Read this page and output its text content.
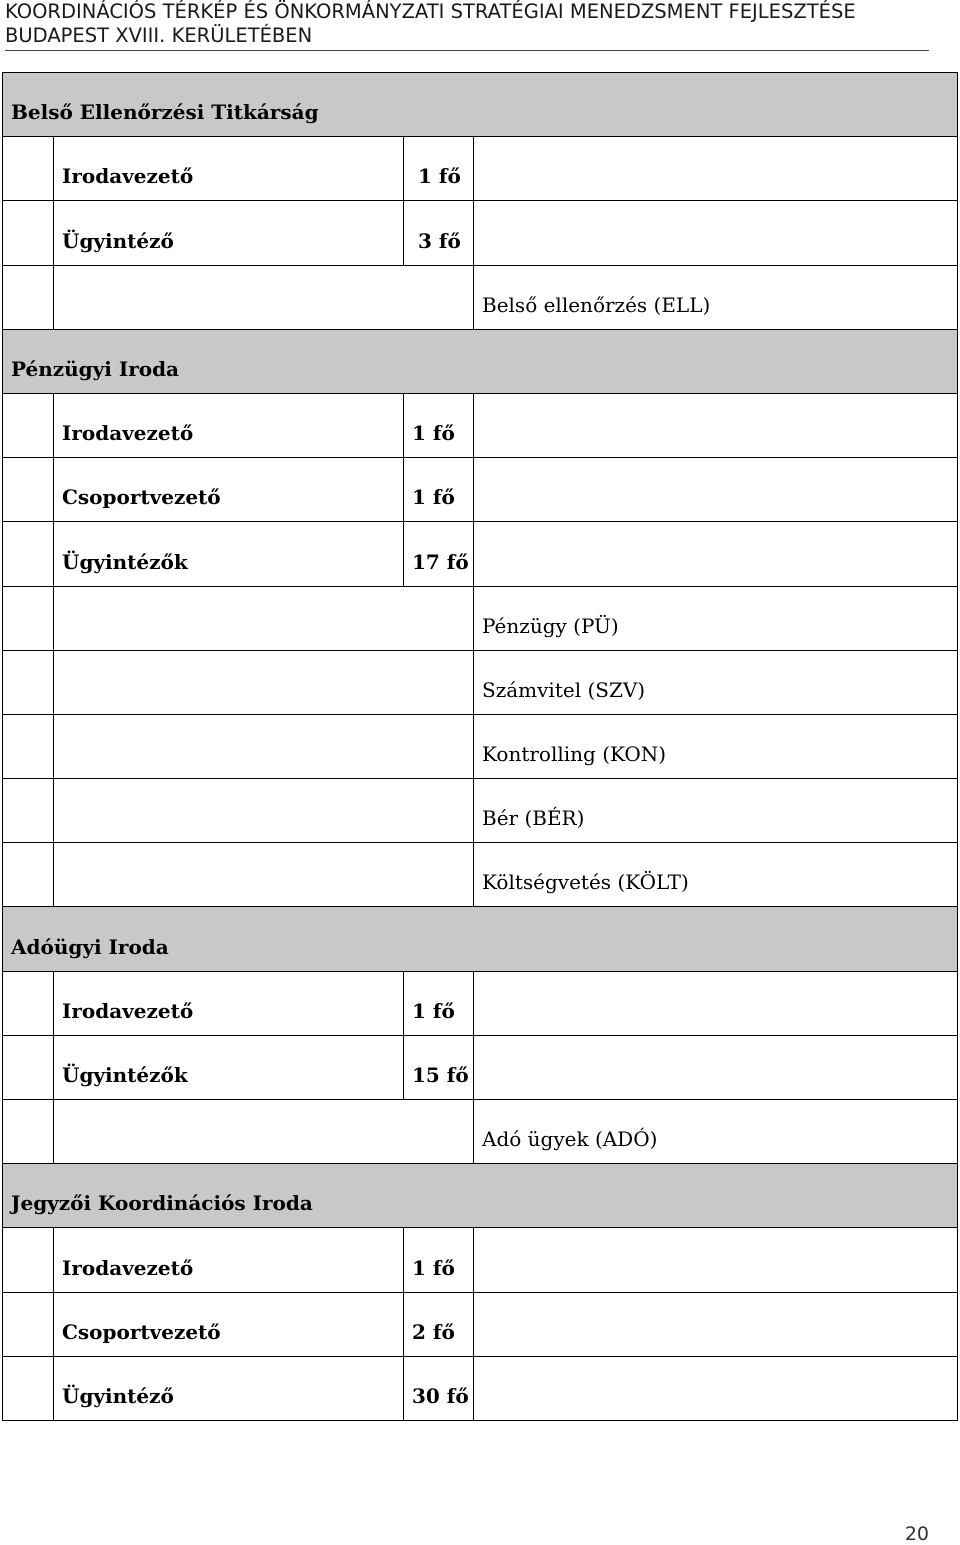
KOORDINÁCIÓS TÉRKÉP ÉS ÖNKORMÁNYZATI STRATÉGIAI MENEDZSMENT FEJLESZTÉSE
BUDAPEST XVIII. KERÜLETÉBEN
Belső Ellenőrzési Titkárság			

	Irodavezető	1 fő	

	Ügyintéző	3 fő	

			Belső ellenőrzés (ELL)

Pénzügyi Iroda			

	Irodavezető	1 fő	

	Csoportvezető	1 fő	

	Ügyintézők	17 fő	

			Pénzügy (PÜ)

			Számvitel (SZV)

			Kontrolling (KON)

			Bér (BÉR)

			Költségvetés (KÖLT)

Adóügyi Iroda			

	Irodavezető	1 fő	

	Ügyintézők	15 fő	

			Adó ügyek (ADÓ)

Jegyzői Koordinációs Iroda			

	Irodavezető	1 fő	

	Csoportvezető	2 fő	

	Ügyintéző	30 fő	

20
